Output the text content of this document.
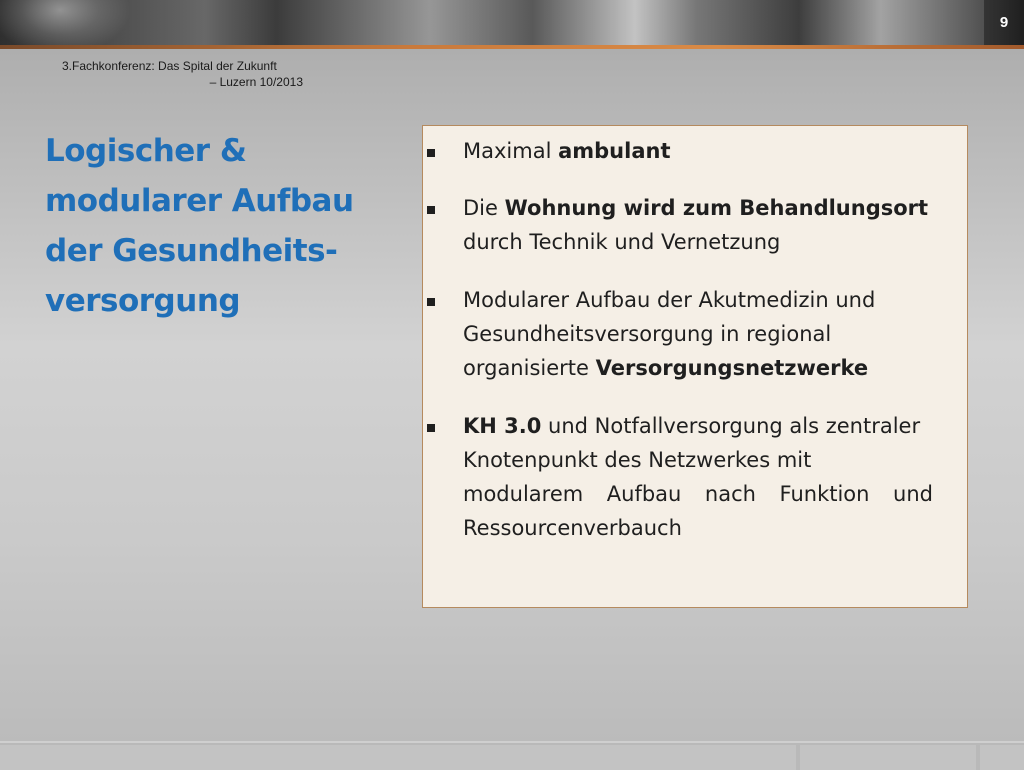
9
3.Fachkonferenz: Das Spital der Zukunft
– Luzern 10/2013
Logischer &
modularer Aufbau
der Gesundheits-
versorgung
Maximal ambulant
Die Wohnung wird zum Behandlungsort
durch Technik und Vernetzung
Modularer Aufbau der Akutmedizin und
Gesundheitsversorgung in regional
organisierte Versorgungsnetzwerke
KH 3.0 und Notfallversorgung als zentraler
Knotenpunkt des Netzwerkes mit
modularem Aufbau nach Funktion und
Ressourcenverbauch
